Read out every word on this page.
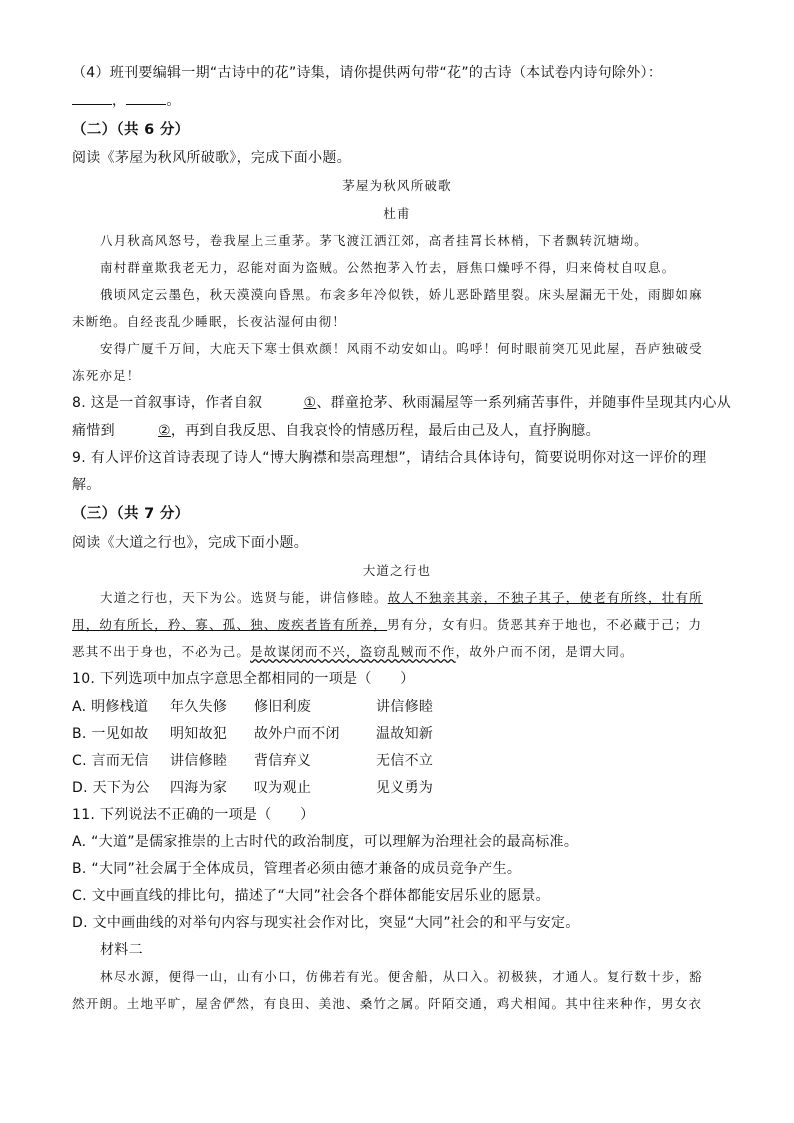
（4）班刊要编辑一期“古诗中的花”诗集，请你提供两句带“花”的古诗（本试卷内诗句除外）：
，	。
（二）（共 6 分）
阅读《茅屋为秋风所破歌》，完成下面小题。
茅屋为秋风所破歌
杜甫
八月秋高风怒号，卷我屋上三重茅。茅飞渡江洒江郊，高者挂罥长林梢，下者飘转沉塘坳。
南村群童欺我老无力，忍能对面为盗贼。公然抱茅入竹去，唇焦口燥呼不得，归来倚杖自叹息。
俄顷风定云墨色，秋天漠漠向昏黑。布衾多年冷似铁，娇儿恶卧踏里裂。床头屋漏无干处，雨脚如麻
未断绝。自经丧乱少睡眠，长夜沾湿何由彻！
安得广厦千万间，大庇天下寒士俱欢颜！风雨不动安如山。呜呼！何时眼前突兀见此屋，吾庐独破受
冻死亦足！
8. 这是一首叙事诗，作者自叙	①、群童抢茅、秋雨漏屋等一系列痛苦事件，并随事件呈现其内心从
痛惜到	②，再到自我反思、自我哀怜的情感历程，最后由己及人，直抒胸臆。
9. 有人评价这首诗表现了诗人“博大胸襟和崇高理想”，请结合具体诗句，简要说明你对这一评价的理
解。
（三）（共 7 分）
阅读《大道之行也》，完成下面小题。
大道之行也
大道之行也，天下为公。选贤与能，讲信修睦。故人不独亲其亲，不独子其子，使老有所终，壮有所
用，幼有所长，矜、寡、孤、独、废疾者皆有所养，男有分，女有归。货恶其弃于地也，不必藏于己；力
恶其不出于身也，不必为己。是故谋闭而不兴，盗窃乱贼而不作，故外户而不闭，是谓大同。
10. 下列选项中加点字意思全都相同的一项是（　　）
A. 明修栈道 年久失修 修旧利废	讲信修睦
B. 一见如故 明知故犯 故外户而不闭	温故知新
C. 言而无信 讲信修睦 背信弃义	无信不立
D. 天下为公 四海为家 叹为观止	见义勇为
11. 下列说法不正确的一项是（　　）
A. “大道”是儒家推崇的上古时代的政治制度，可以理解为治理社会的最高标准。
B. “大同”社会属于全体成员，管理者必须由德才兼备的成员竞争产生。
C. 文中画直线的排比句，描述了“大同”社会各个群体都能安居乐业的愿景。
D. 文中画曲线的对举句内容与现实社会作对比，突显“大同”社会的和平与安定。
材料二
林尽水源，便得一山，山有小口，仿佛若有光。便舍船，从口入。初极狭，才通人。复行数十步，豁
然开朗。土地平旷，屋舍俨然，有良田、美池、桑竹之属。阡陌交通，鸡犬相闻。其中往来种作，男女衣
